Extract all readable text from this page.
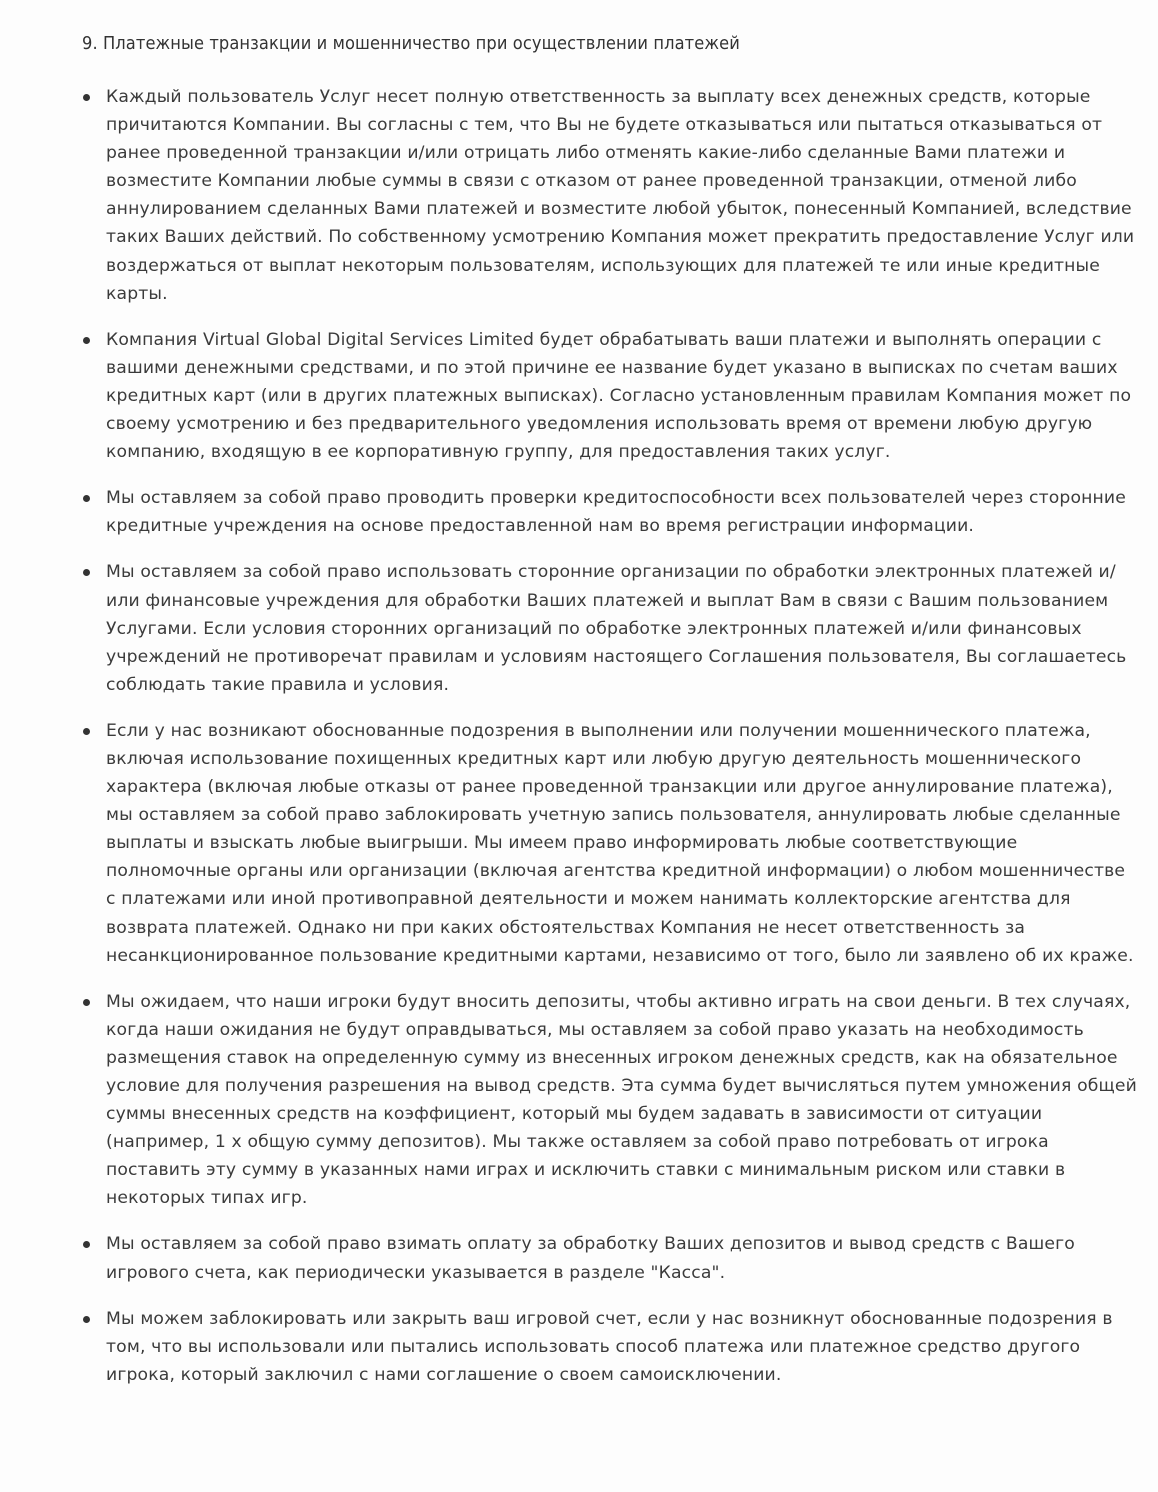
9. Платежные транзакции и мошенничество при осуществлении платежей
Каждый пользователь Услуг несет полную ответственность за выплату всех денежных средств, которые причитаются Компании. Вы согласны с тем, что Вы не будете отказываться или пытаться отказываться от ранее проведенной транзакции и/или отрицать либо отменять какие-либо сделанные Вами платежи и возместите Компании любые суммы в связи с отказом от ранее проведенной транзакции, отменой либо аннулированием сделанных Вами платежей и возместите любой убыток, понесенный Компанией, вследствие таких Ваших действий. По собственному усмотрению Компания может прекратить предоставление Услуг или воздержаться от выплат некоторым пользователям, использующих для платежей те или иные кредитные карты.
Компания Virtual Global Digital Services Limited будет обрабатывать ваши платежи и выполнять операции с вашими денежными средствами, и по этой причине ее название будет указано в выписках по счетам ваших кредитных карт (или в других платежных выписках). Согласно установленным правилам Компания может по своему усмотрению и без предварительного уведомления использовать время от времени любую другую компанию, входящую в ее корпоративную группу, для предоставления таких услуг.
Мы оставляем за собой право проводить проверки кредитоспособности всех пользователей через сторонние кредитные учреждения на основе предоставленной нам во время регистрации информации.
Мы оставляем за собой право использовать сторонние организации по обработки электронных платежей и/или финансовые учреждения для обработки Ваших платежей и выплат Вам в связи с Вашим пользованием Услугами. Если условия сторонних организаций по обработке электронных платежей и/или финансовых учреждений не противоречат правилам и условиям настоящего Соглашения пользователя, Вы соглашаетесь соблюдать такие правила и условия.
Если у нас возникают обоснованные подозрения в выполнении или получении мошеннического платежа, включая использование похищенных кредитных карт или любую другую деятельность мошеннического характера (включая любые отказы от ранее проведенной транзакции или другое аннулирование платежа), мы оставляем за собой право заблокировать учетную запись пользователя, аннулировать любые сделанные выплаты и взыскать любые выигрыши. Мы имеем право информировать любые соответствующие полномочные органы или организации (включая агентства кредитной информации) о любом мошенничестве с платежами или иной противоправной деятельности и можем нанимать коллекторские агентства для возврата платежей. Однако ни при каких обстоятельствах Компания не несет ответственность за несанкционированное пользование кредитными картами, независимо от того, было ли заявлено об их краже.
Мы ожидаем, что наши игроки будут вносить депозиты, чтобы активно играть на свои деньги. В тех случаях, когда наши ожидания не будут оправдываться, мы оставляем за собой право указать на необходимость размещения ставок на определенную сумму из внесенных игроком денежных средств, как на обязательное условие для получения разрешения на вывод средств. Эта сумма будет вычисляться путем умножения общей суммы внесенных средств на коэффициент, который мы будем задавать в зависимости от ситуации (например, 1 x общую сумму депозитов). Мы также оставляем за собой право потребовать от игрока поставить эту сумму в указанных нами играх и исключить ставки с минимальным риском или ставки в некоторых типах игр.
Мы оставляем за собой право взимать оплату за обработку Ваших депозитов и вывод средств с Вашего игрового счета, как периодически указывается в разделе "Касса".
Мы можем заблокировать или закрыть ваш игровой счет, если у нас возникнут обоснованные подозрения в том, что вы использовали или пытались использовать способ платежа или платежное средство другого игрока, который заключил с нами соглашение о своем самоисключении.
